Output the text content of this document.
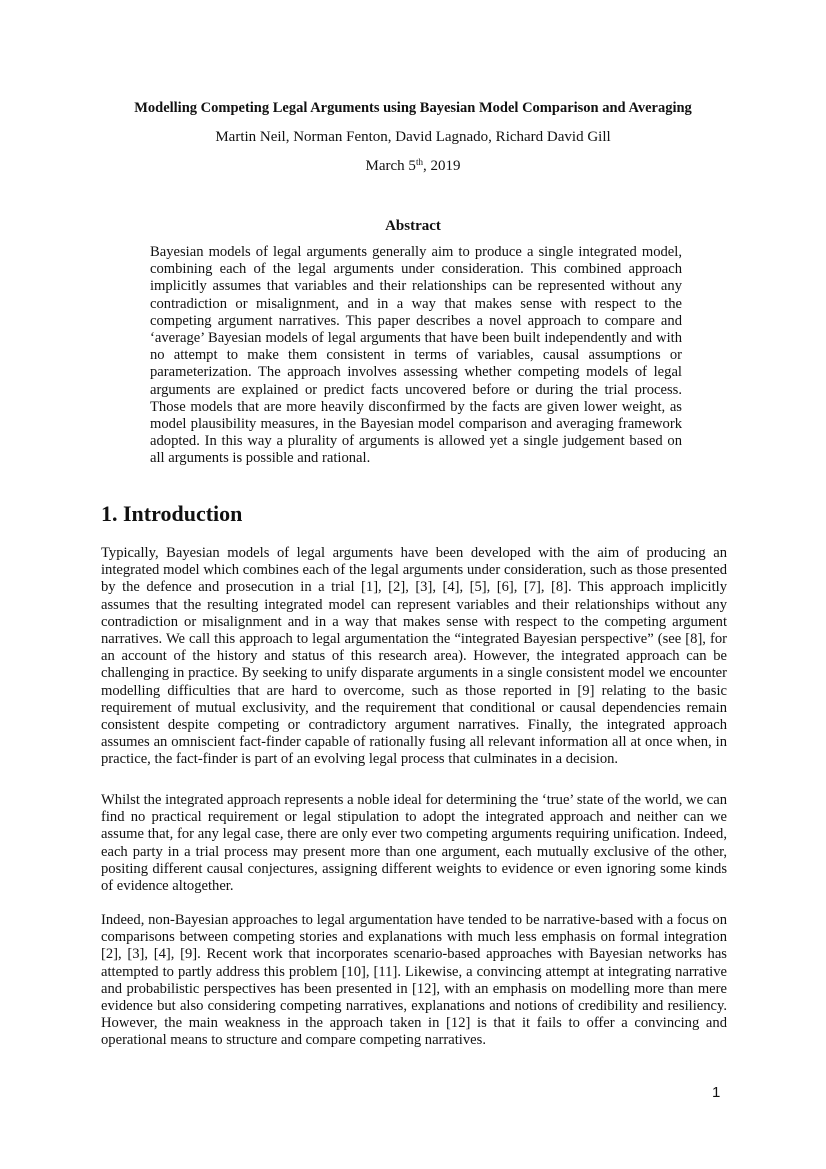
Modelling Competing Legal Arguments using Bayesian Model Comparison and Averaging
Martin Neil, Norman Fenton, David Lagnado, Richard David Gill
March 5th, 2019
Abstract

Bayesian models of legal arguments generally aim to produce a single integrated model, combining each of the legal arguments under consideration. This combined approach implicitly assumes that variables and their relationships can be represented without any contradiction or misalignment, and in a way that makes sense with respect to the competing argument narratives. This paper describes a novel approach to compare and ‘average’ Bayesian models of legal arguments that have been built independently and with no attempt to make them consistent in terms of variables, causal assumptions or parameterization. The approach involves assessing whether competing models of legal arguments are explained or predict facts uncovered before or during the trial process. Those models that are more heavily disconfirmed by the facts are given lower weight, as model plausibility measures, in the Bayesian model comparison and averaging framework adopted. In this way a plurality of arguments is allowed yet a single judgement based on all arguments is possible and rational.

1. Introduction

Typically, Bayesian models of legal arguments have been developed with the aim of producing an integrated model which combines each of the legal arguments under consideration, such as those presented by the defence and prosecution in a trial [1], [2], [3], [4], [5], [6], [7], [8]. This approach implicitly assumes that the resulting integrated model can represent variables and their relationships without any contradiction or misalignment and in a way that makes sense with respect to the competing argument narratives. We call this approach to legal argumentation the “integrated Bayesian perspective” (see [8], for an account of the history and status of this research area). However, the integrated approach can be challenging in practice. By seeking to unify disparate arguments in a single consistent model we encounter modelling difficulties that are hard to overcome, such as those reported in [9] relating to the basic requirement of mutual exclusivity, and the requirement that conditional or causal dependencies remain consistent despite competing or contradictory argument narratives. Finally, the integrated approach assumes an omniscient fact-finder capable of rationally fusing all relevant information all at once when, in practice, the fact-finder is part of an evolving legal process that culminates in a decision.

Whilst the integrated approach represents a noble ideal for determining the ‘true’ state of the world, we can find no practical requirement or legal stipulation to adopt the integrated approach and neither can we assume that, for any legal case, there are only ever two competing arguments requiring unification. Indeed, each party in a trial process may present more than one argument, each mutually exclusive of the other, positing different causal conjectures, assigning different weights to evidence or even ignoring some kinds of evidence altogether.

Indeed, non-Bayesian approaches to legal argumentation have tended to be narrative-based with a focus on comparisons between competing stories and explanations with much less emphasis on formal integration [2], [3], [4], [9]. Recent work that incorporates scenario-based approaches with Bayesian networks has attempted to partly address this problem [10], [11]. Likewise, a convincing attempt at integrating narrative and probabilistic perspectives has been presented in [12], with an emphasis on modelling more than mere evidence but also considering competing narratives, explanations and notions of credibility and resiliency. However, the main weakness in the approach taken in [12] is that it fails to offer a convincing and operational means to structure and compare competing narratives.

1
